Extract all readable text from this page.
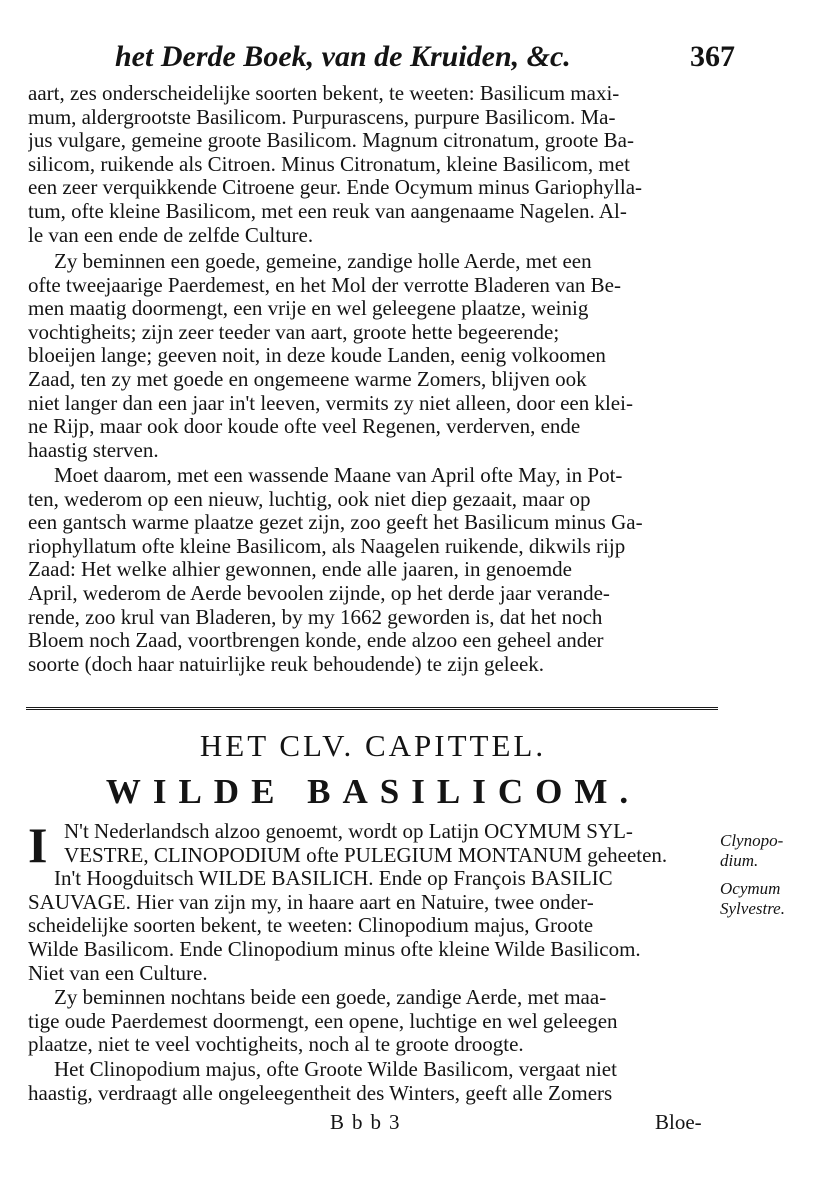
het Derde Boek, van de Kruiden, &c.	367
aart, zes onderscheidelijke soorten bekent, te weeten: Basilicum maxi-
mum, aldergrootste Basilicom. Purpurascens, purpure Basilicom. Ma-
jus vulgare, gemeine groote Basilicom. Magnum citronatum, groote Ba-
silicom, ruikende als Citroen. Minus Citronatum, kleine Basilicom, met
een zeer verquikkende Citroene geur. Ende Ocymum minus Gariophylla-
tum, ofte kleine Basilicom, met een reuk van aangenaame Nagelen. Al-
le van een ende de zelfde Culture.
Zy beminnen een goede, gemeine, zandige holle Aerde, met een
ofte tweejaarige Paerdemest, en het Mol der verrotte Bladeren van Be-
men maatig doormengt, een vrije en wel geleegene plaatze, weinig
vochtigheits; zijn zeer teeder van aart, groote hette begeerende;
bloeijen lange; geeven noit, in deze koude Landen, eenig volkoomen
Zaad, ten zy met goede en ongemeene warme Zomers, blijven ook
niet langer dan een jaar in't leeven, vermits zy niet alleen, door een klei-
ne Rijp, maar ook door koude ofte veel Regenen, verderven, ende
haastig sterven.
Moet daarom, met een wassende Maane van April ofte May, in Pot-
ten, wederom op een nieuw, luchtig, ook niet diep gezaait, maar op
een gantsch warme plaatze gezet zijn, zoo geeft het Basilicum minus Ga-
riophyllatum ofte kleine Basilicom, als Naagelen ruikende, dikwils rijp
Zaad: Het welke alhier gewonnen, ende alle jaaren, in genoemde
April, wederom de Aerde bevoolen zijnde, op het derde jaar verande-
rende, zoo krul van Bladeren, by my 1662 geworden is, dat het noch
Bloem noch Zaad, voortbrengen konde, ende alzoo een geheel ander
soorte (doch haar natuirlijke reuk behoudende) te zijn geleek.
HET CLV. CAPITTEL.
WILDE BASILICOM.
I N't Nederlandsch alzoo genoemt, wordt op Latijn OCYMUM SYL-
VESTRE, CLINOPODIUM ofte PULEGIUM MONTANUM geheeten.
In't Hoogduitsch WILDE BASILICH. Ende op François BASILIC
SAUVAGE. Hier van zijn my, in haare aart en Natuire, twee onder-
scheidelijke soorten bekent, te weeten: Clinopodium majus, Groote
Wilde Basilicom. Ende Clinopodium minus ofte kleine Wilde Basilicom.
Niet van een Culture.
Zy beminnen nochtans beide een goede, zandige Aerde, met maa-
tige oude Paerdemest doormengt, een opene, luchtige en wel geleegen
plaatze, niet te veel vochtigheits, noch al te groote droogte.
Het Clinopodium majus, ofte Groote Wilde Basilicom, vergaat niet
haastig, verdraagt alle ongeleegentheit des Winters, geeft alle Zomers
Clynopo-
dium.
Ocymum
Sylvestre.
Bbb3	Bloe-
